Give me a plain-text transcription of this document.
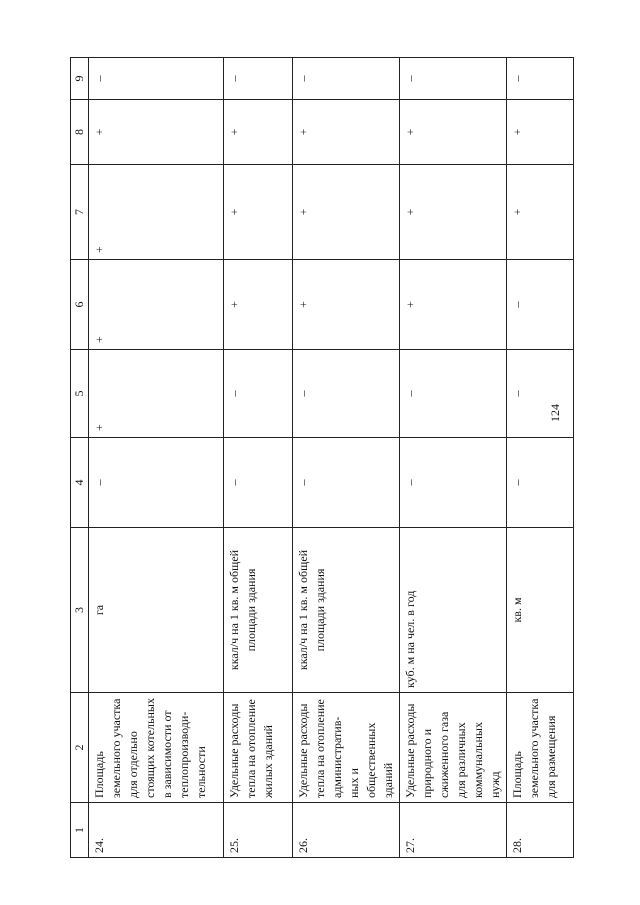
124
1	2	3	4	5	6	7	8	9
24.	Площадь земельного участка для отдельно стоящих котельных в зависимости от теплопроизводи-тельности	га	–	+	+	+	+	–
25.	Удельные расходы тепла на отопление жилых зданий	ккал/ч на 1 кв. м общей площади здания	–	–	+	+	+	–
26.	Удельные расходы тепла на отопление административ-ных и общественных зданий	ккал/ч на 1 кв. м общей площади здания	–	–	+	+	+	–
27.	Удельные расходы природного и сжиженного газа для различных коммунальных нужд	куб. м на чел. в год	–	–	+	+	+	–
28.	Площадь земельного участка для размещения	кв. м	–	–	–	+	+	–
